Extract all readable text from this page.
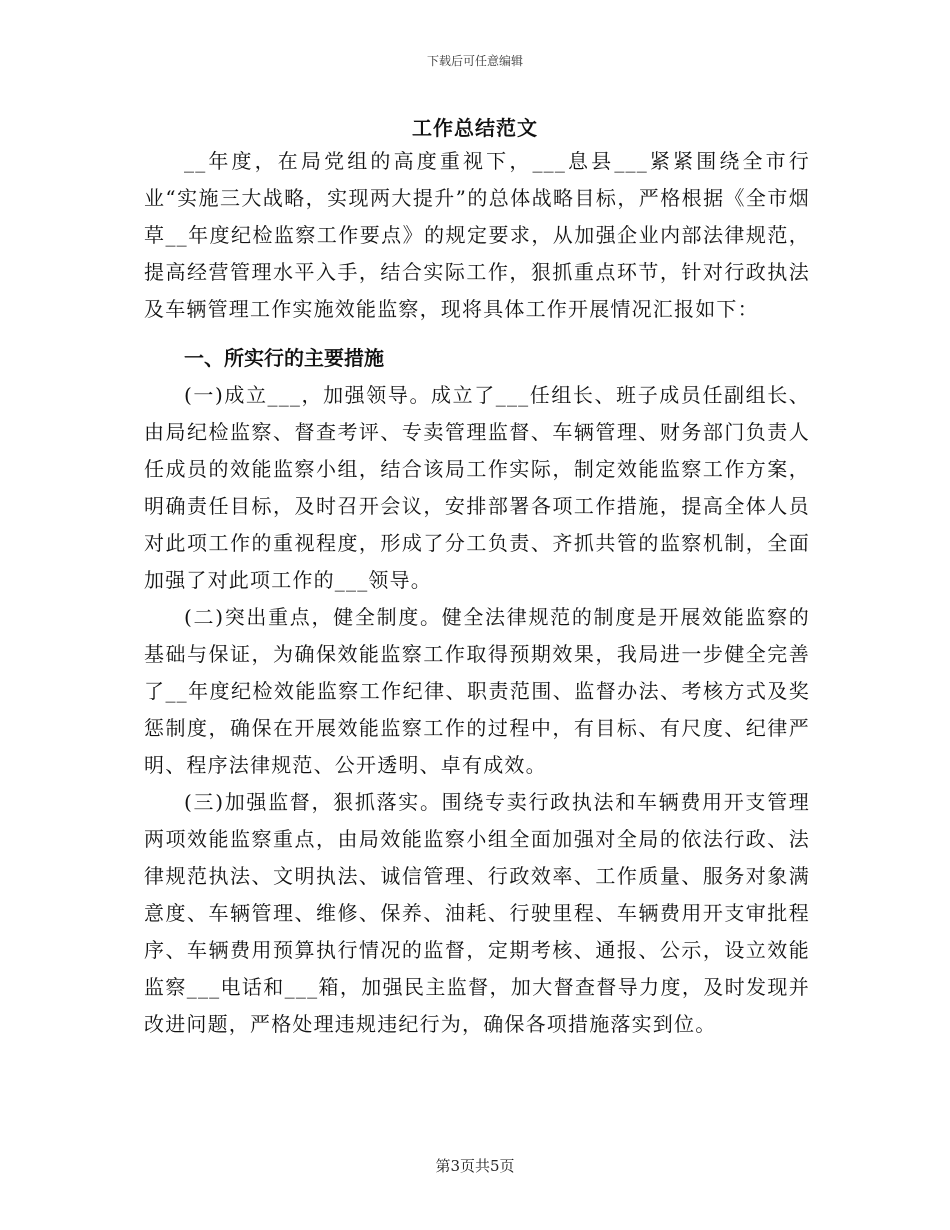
下载后可任意编辑
工作总结范文

__年度，在局党组的高度重视下，___息县___紧紧围绕全市行业“实施三大战略，实现两大提升”的总体战略目标，严格根据《全市烟草__年度纪检监察工作要点》的规定要求，从加强企业内部法律规范，提高经营管理水平入手，结合实际工作，狠抓重点环节，针对行政执法及车辆管理工作实施效能监察，现将具体工作开展情况汇报如下：

一、所实行的主要措施

(一)成立___，加强领导。成立了___任组长、班子成员任副组长、由局纪检监察、督查考评、专卖管理监督、车辆管理、财务部门负责人任成员的效能监察小组，结合该局工作实际，制定效能监察工作方案，明确责任目标，及时召开会议，安排部署各项工作措施，提高全体人员对此项工作的重视程度，形成了分工负责、齐抓共管的监察机制，全面加强了对此项工作的___领导。

(二)突出重点，健全制度。健全法律规范的制度是开展效能监察的基础与保证，为确保效能监察工作取得预期效果，我局进一步健全完善了__年度纪检效能监察工作纪律、职责范围、监督办法、考核方式及奖惩制度，确保在开展效能监察工作的过程中，有目标、有尺度、纪律严明、程序法律规范、公开透明、卓有成效。

(三)加强监督，狠抓落实。围绕专卖行政执法和车辆费用开支管理两项效能监察重点，由局效能监察小组全面加强对全局的依法行政、法律规范执法、文明执法、诚信管理、行政效率、工作质量、服务对象满意度、车辆管理、维修、保养、油耗、行驶里程、车辆费用开支审批程序、车辆费用预算执行情况的监督，定期考核、通报、公示，设立效能监察___电话和___箱，加强民主监督，加大督查督导力度，及时发现并改进问题，严格处理违规违纪行为，确保各项措施落实到位。

第3页共5页
